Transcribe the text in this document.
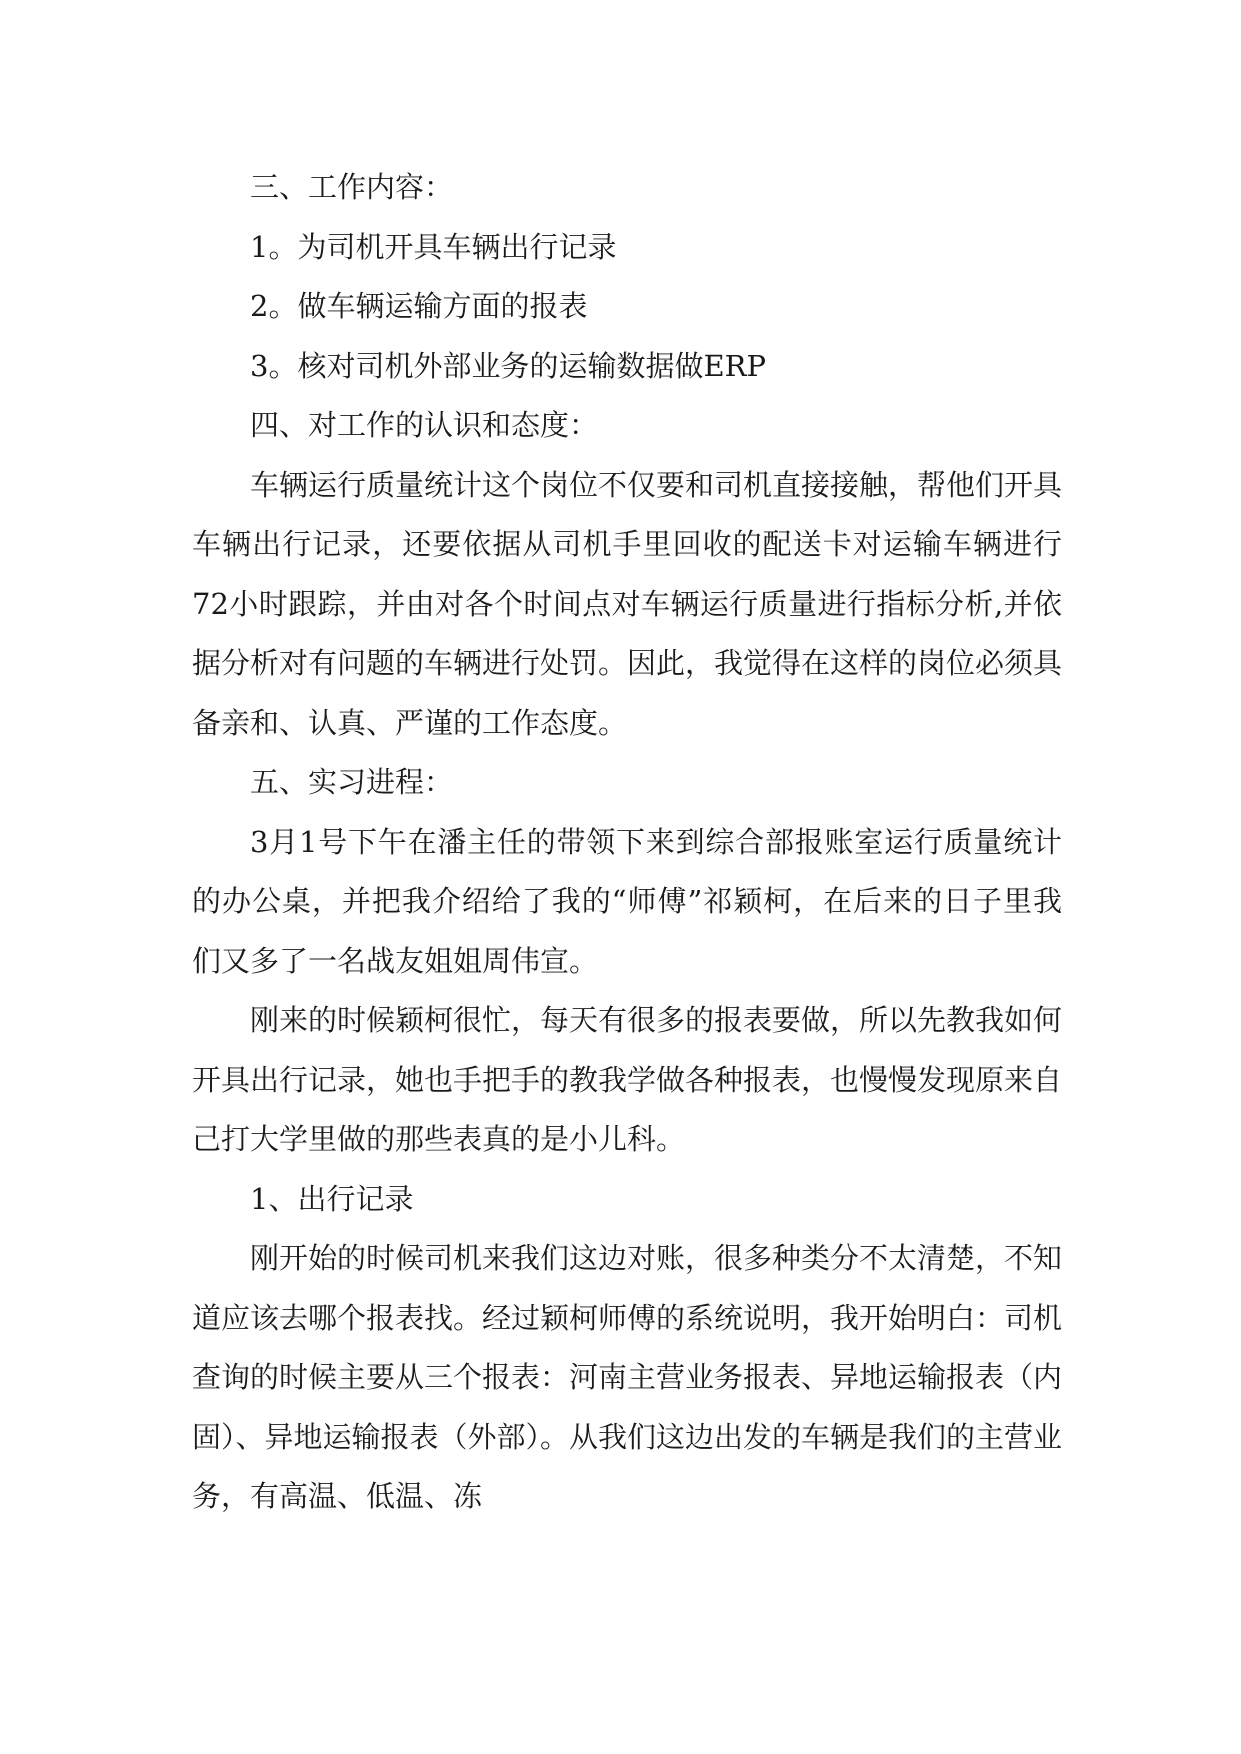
三、工作内容：

1。为司机开具车辆出行记录

2。做车辆运输方面的报表

3。核对司机外部业务的运输数据做ERP

四、对工作的认识和态度：

车辆运行质量统计这个岗位不仅要和司机直接接触，帮他们开具车辆出行记录，还要依据从司机手里回收的配送卡对运输车辆进行72小时跟踪，并由对各个时间点对车辆运行质量进行指标分析,并依据分析对有问题的车辆进行处罚。因此，我觉得在这样的岗位必须具备亲和、认真、严谨的工作态度。

五、实习进程：

3月1号下午在潘主任的带领下来到综合部报账室运行质量统计的办公桌，并把我介绍给了我的“师傅”祁颖柯，在后来的日子里我们又多了一名战友姐姐周伟宣。

刚来的时候颖柯很忙，每天有很多的报表要做，所以先教我如何开具出行记录，她也手把手的教我学做各种报表，也慢慢发现原来自己打大学里做的那些表真的是小儿科。

1、出行记录

刚开始的时候司机来我们这边对账，很多种类分不太清楚，不知道应该去哪个报表找。经过颖柯师傅的系统说明，我开始明白：司机查询的时候主要从三个报表：河南主营业务报表、异地运输报表（内固）、异地运输报表（外部）。从我们这边出发的车辆是我们的主营业务，有高温、低温、冻
